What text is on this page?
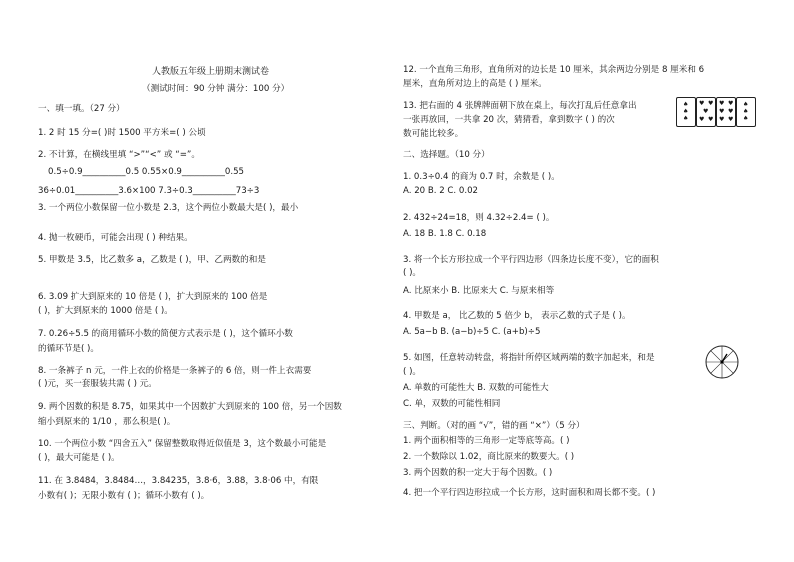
人教版五年级上册期末测试卷
（测试时间：90 分钟 满分：100 分）
一、填一填。（27 分）
1. 2 时 15 分=( )时 1500 平方米=( ) 公顷
2. 不计算，在横线里填 “>”“<” 或 “=”。
0.5÷0.9__________0.5 0.55×0.9__________0.55
36÷0.01__________3.6×100 7.3÷0.3__________73÷3
3. 一个两位小数保留一位小数是 2.3，这个两位小数最大是( )，最小
4. 抛一枚硬币，可能会出现 ( ) 种结果。
5. 甲数是 3.5，比乙数多 a，乙数是 ( )，甲、乙两数的和是
6. 3.09 扩大到原来的 10 倍是 ( )，扩大到原来的 100 倍是
( )，扩大到原来的 1000 倍是 ( )。
7. 0.26÷5.5 的商用循环小数的简便方式表示是 ( )，这个循环小数
的循环节是( )。
8. 一条裤子 n 元，一件上衣的价格是一条裤子的 6 倍，则一件上衣需要
( )元，买一套服装共需 ( ) 元。
9. 两个因数的积是 8.75，如果其中一个因数扩大到原来的 100 倍，另一个因数
缩小到原来的 1/10 ，那么积是( )。
10. 一个两位小数 “四舍五入” 保留整数取得近似值是 3，这个数最小可能是
( )，最大可能是 ( )。
11. 在 3.8484，3.8484…，3.84235，3.8·6，3.88，3.8·06 中，有限
小数有( )；无限小数有 ( )；循环小数有 ( )。
12. 一个直角三角形，直角所对的边长是 10 厘米，其余两边分别是 8 厘米和 6
厘米，直角所对边上的高是 ( ) 厘米。
13. 把右面的 4 张牌牌面朝下放在桌上，每次打乱后任意拿出
一张再放回，一共拿 20 次，猜猜看，拿到数字 ( ) 的次
数可能比较多。
♠
♠
♠
♥ ♥
♥
♥ ♥
♥ ♥
♥ ♥
♥ ♥
♠
♠
♠
二、选择题。（10 分）
1. 0.3÷0.4 的商为 0.7 时，余数是 ( )。
A. 20 B. 2 C. 0.02
2. 432÷24=18，则 4.32÷2.4= ( )。
A. 18 B. 1.8 C. 0.18
3. 将一个长方形拉成一个平行四边形（四条边长度不变），它的面积
( )。
A. 比原来小 B. 比原来大 C. 与原来相等
4. 甲数是 a， 比乙数的 5 倍少 b， 表示乙数的式子是 ( )。
A. 5a−b B. (a−b)÷5 C. (a+b)÷5
5. 如图，任意转动转盘，将指针所停区域两端的数字加起来，和是
( )。
A. 单数的可能性大 B. 双数的可能性大
C. 单，双数的可能性相同
三、判断。（对的画 “√”，错的画 “×”）（5 分）
1. 两个面积相等的三角形一定等底等高。( )
2. 一个数除以 1.02，商比原来的数要大。( )
3. 两个因数的积一定大于每个因数。( )
4. 把一个平行四边形拉成一个长方形，这时面积和周长都不变。( )
